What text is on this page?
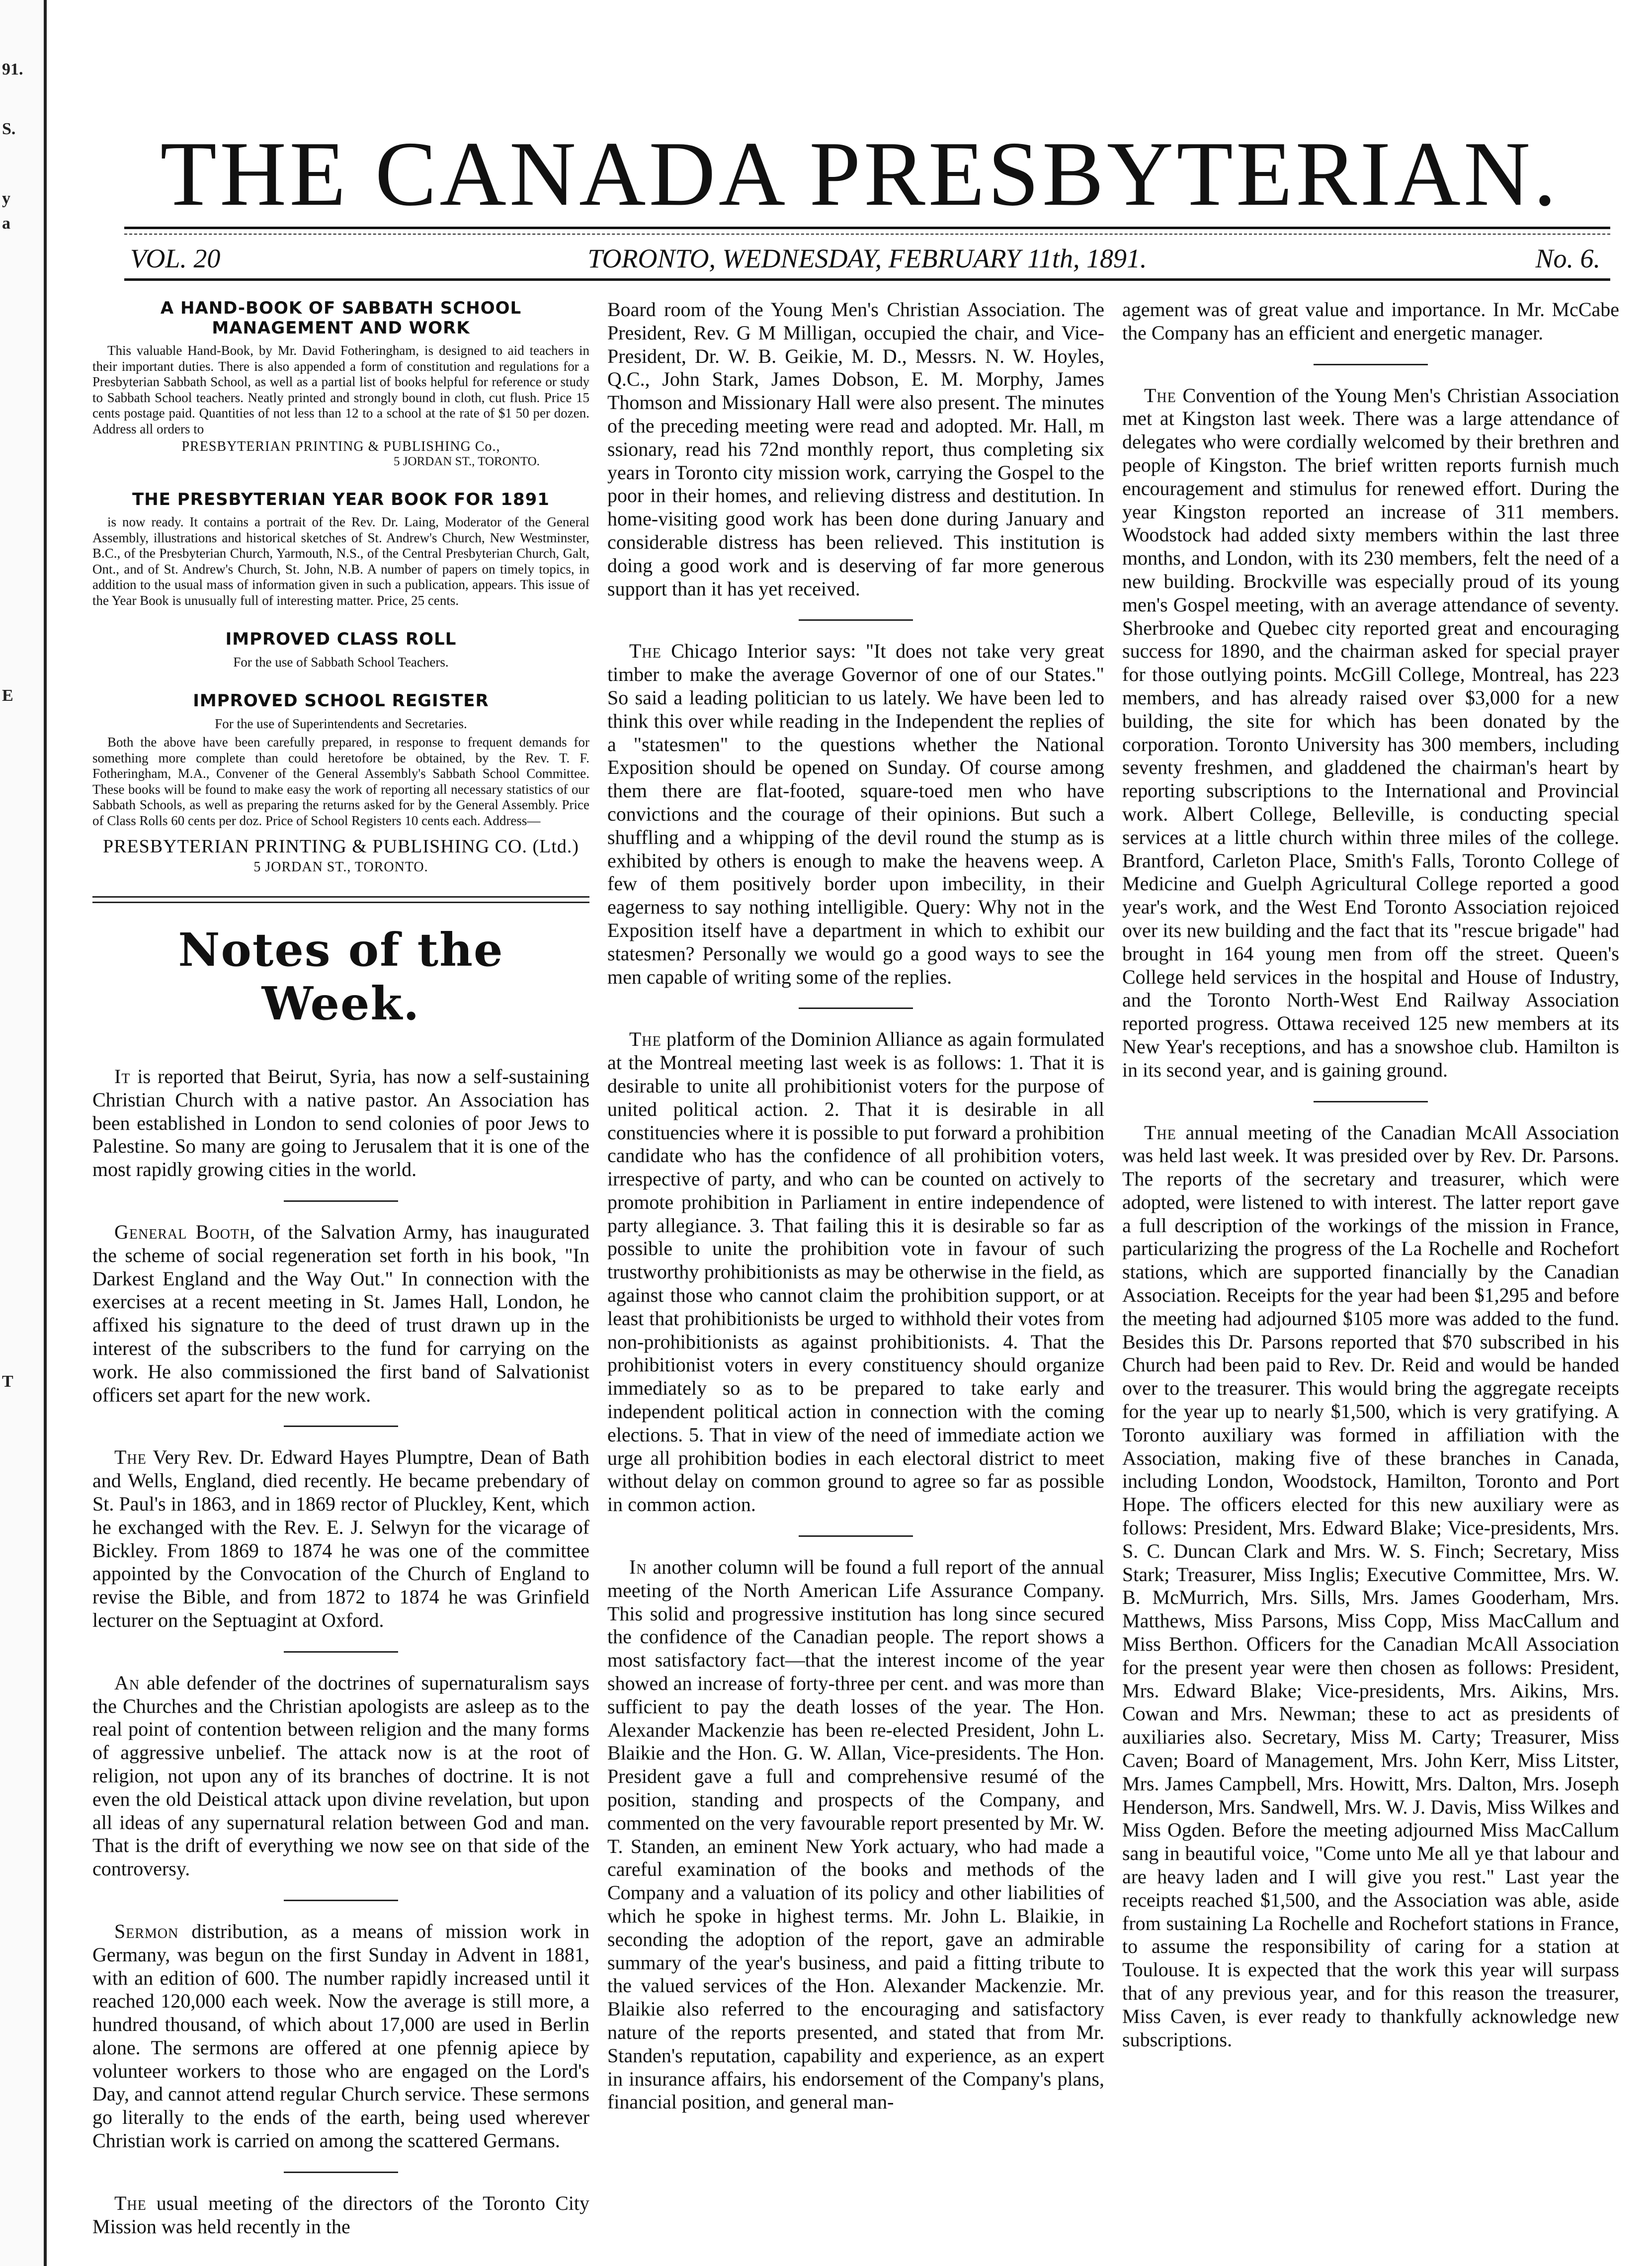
91.
S.
y
a
E
T
THE CANADA PRESBYTERIAN.
TORONTO, WEDNESDAY, FEBRUARY 11th, 1891.
VOL. 20	No. 6.

A HAND-BOOK OF SABBATH SCHOOL MANAGEMENT AND WORK

This valuable Hand-Book, by Mr. David Fotheringham, is designed to aid teachers in their important duties. There is also appended a form of constitution and regulations for a Presbyterian Sabbath School, as well as a partial list of books helpful for reference or study to Sabbath School teachers. Neatly printed and strongly bound in cloth, cut flush. Price 15 cents postage paid. Quantities of not less than 12 to a school at the rate of $1 50 per dozen. Address all orders to

PRESBYTERIAN PRINTING & PUBLISHING Co.,

5 JORDAN ST., TORONTO.

THE PRESBYTERIAN YEAR BOOK FOR 1891

is now ready. It contains a portrait of the Rev. Dr. Laing, Moderator of the General Assembly, illustrations and historical sketches of St. Andrew's Church, New Westminster, B.C., of the Presbyterian Church, Yarmouth, N.S., of the Central Presbyterian Church, Galt, Ont., and of St. Andrew's Church, St. John, N.B. A number of papers on timely topics, in addition to the usual mass of information given in such a publication, appears. This issue of the Year Book is unusually full of interesting matter. Price, 25 cents.

IMPROVED CLASS ROLL

For the use of Sabbath School Teachers.

IMPROVED SCHOOL REGISTER

For the use of Superintendents and Secretaries.

Both the above have been carefully prepared, in response to frequent demands for something more complete than could heretofore be obtained, by the Rev. T. F. Fotheringham, M.A., Convener of the General Assembly's Sabbath School Committee. These books will be found to make easy the work of reporting all necessary statistics of our Sabbath Schools, as well as preparing the returns asked for by the General Assembly. Price of Class Rolls 60 cents per doz. Price of School Registers 10 cents each. Address—

PRESBYTERIAN PRINTING & PUBLISHING CO. (Ltd.)

5 JORDAN ST., TORONTO.

Notes of the Week.

It is reported that Beirut, Syria, has now a self-sustaining Christian Church with a native pastor. An Association has been established in London to send colonies of poor Jews to Palestine. So many are going to Jerusalem that it is one of the most rapidly growing cities in the world.

General Booth, of the Salvation Army, has inaugurated the scheme of social regeneration set forth in his book, "In Darkest England and the Way Out." In connection with the exercises at a recent meeting in St. James Hall, London, he affixed his signature to the deed of trust drawn up in the interest of the subscribers to the fund for carrying on the work. He also commissioned the first band of Salvationist officers set apart for the new work.

The Very Rev. Dr. Edward Hayes Plumptre, Dean of Bath and Wells, England, died recently. He became prebendary of St. Paul's in 1863, and in 1869 rector of Pluckley, Kent, which he exchanged with the Rev. E. J. Selwyn for the vicarage of Bickley. From 1869 to 1874 he was one of the committee appointed by the Convocation of the Church of England to revise the Bible, and from 1872 to 1874 he was Grinfield lecturer on the Septuagint at Oxford.

An able defender of the doctrines of supernaturalism says the Churches and the Christian apologists are asleep as to the real point of contention between religion and the many forms of aggressive unbelief. The attack now is at the root of religion, not upon any of its branches of doctrine. It is not even the old Deistical attack upon divine revelation, but upon all ideas of any supernatural relation between God and man. That is the drift of everything we now see on that side of the controversy.

Sermon distribution, as a means of mission work in Germany, was begun on the first Sunday in Advent in 1881, with an edition of 600. The number rapidly increased until it reached 120,000 each week. Now the average is still more, a hundred thousand, of which about 17,000 are used in Berlin alone. The sermons are offered at one pfennig apiece by volunteer workers to those who are engaged on the Lord's Day, and cannot attend regular Church service. These sermons go literally to the ends of the earth, being used wherever Christian work is carried on among the scattered Germans.

The usual meeting of the directors of the Toronto City Mission was held recently in the

Board room of the Young Men's Christian Association. The President, Rev. G M Milligan, occupied the chair, and Vice-President, Dr. W. B. Geikie, M. D., Messrs. N. W. Hoyles, Q.C., John Stark, James Dobson, E. M. Morphy, James Thomson and Missionary Hall were also present. The minutes of the preceding meeting were read and adopted. Mr. Hall, m ssionary, read his 72nd monthly report, thus completing six years in Toronto city mission work, carrying the Gospel to the poor in their homes, and relieving distress and destitution. In home-visiting good work has been done during January and considerable distress has been relieved. This institution is doing a good work and is deserving of far more generous support than it has yet received.

The Chicago Interior says: "It does not take very great timber to make the average Governor of one of our States." So said a leading politician to us lately. We have been led to think this over while reading in the Independent the replies of a "statesmen" to the questions whether the National Exposition should be opened on Sunday. Of course among them there are flat-footed, square-toed men who have convictions and the courage of their opinions. But such a shuffling and a whipping of the devil round the stump as is exhibited by others is enough to make the heavens weep. A few of them positively border upon imbecility, in their eagerness to say nothing intelligible. Query: Why not in the Exposition itself have a department in which to exhibit our statesmen? Personally we would go a good ways to see the men capable of writing some of the replies.

The platform of the Dominion Alliance as again formulated at the Montreal meeting last week is as follows: 1. That it is desirable to unite all prohibitionist voters for the purpose of united political action. 2. That it is desirable in all constituencies where it is possible to put forward a prohibition candidate who has the confidence of all prohibition voters, irrespective of party, and who can be counted on actively to promote prohibition in Parliament in entire independence of party allegiance. 3. That failing this it is desirable so far as possible to unite the prohibition vote in favour of such trustworthy prohibitionists as may be otherwise in the field, as against those who cannot claim the prohibition support, or at least that prohibitionists be urged to withhold their votes from non-prohibitionists as against prohibitionists. 4. That the prohibitionist voters in every constituency should organize immediately so as to be prepared to take early and independent political action in connection with the coming elections. 5. That in view of the need of immediate action we urge all prohibition bodies in each electoral district to meet without delay on common ground to agree so far as possible in common action.

In another column will be found a full report of the annual meeting of the North American Life Assurance Company. This solid and progressive institution has long since secured the confidence of the Canadian people. The report shows a most satisfactory fact—that the interest income of the year showed an increase of forty-three per cent. and was more than sufficient to pay the death losses of the year. The Hon. Alexander Mackenzie has been re-elected President, John L. Blaikie and the Hon. G. W. Allan, Vice-presidents. The Hon. President gave a full and comprehensive resumé of the position, standing and prospects of the Company, and commented on the very favourable report presented by Mr. W. T. Standen, an eminent New York actuary, who had made a careful examination of the books and methods of the Company and a valuation of its policy and other liabilities of which he spoke in highest terms. Mr. John L. Blaikie, in seconding the adoption of the report, gave an admirable summary of the year's business, and paid a fitting tribute to the valued services of the Hon. Alexander Mackenzie. Mr. Blaikie also referred to the encouraging and satisfactory nature of the reports presented, and stated that from Mr. Standen's reputation, capability and experience, as an expert in insurance affairs, his endorsement of the Company's plans, financial position, and general man-

agement was of great value and importance. In Mr. McCabe the Company has an efficient and energetic manager.

The Convention of the Young Men's Christian Association met at Kingston last week. There was a large attendance of delegates who were cordially welcomed by their brethren and people of Kingston. The brief written reports furnish much encouragement and stimulus for renewed effort. During the year Kingston reported an increase of 311 members. Woodstock had added sixty members within the last three months, and London, with its 230 members, felt the need of a new building. Brockville was especially proud of its young men's Gospel meeting, with an average attendance of seventy. Sherbrooke and Quebec city reported great and encouraging success for 1890, and the chairman asked for special prayer for those outlying points. McGill College, Montreal, has 223 members, and has already raised over $3,000 for a new building, the site for which has been donated by the corporation. Toronto University has 300 members, including seventy freshmen, and gladdened the chairman's heart by reporting subscriptions to the International and Provincial work. Albert College, Belleville, is conducting special services at a little church within three miles of the college. Brantford, Carleton Place, Smith's Falls, Toronto College of Medicine and Guelph Agricultural College reported a good year's work, and the West End Toronto Association rejoiced over its new building and the fact that its "rescue brigade" had brought in 164 young men from off the street. Queen's College held services in the hospital and House of Industry, and the Toronto North-West End Railway Association reported progress. Ottawa received 125 new members at its New Year's receptions, and has a snowshoe club. Hamilton is in its second year, and is gaining ground.

The annual meeting of the Canadian McAll Association was held last week. It was presided over by Rev. Dr. Parsons. The reports of the secretary and treasurer, which were adopted, were listened to with interest. The latter report gave a full description of the workings of the mission in France, particularizing the progress of the La Rochelle and Rochefort stations, which are supported financially by the Canadian Association. Receipts for the year had been $1,295 and before the meeting had adjourned $105 more was added to the fund. Besides this Dr. Parsons reported that $70 subscribed in his Church had been paid to Rev. Dr. Reid and would be handed over to the treasurer. This would bring the aggregate receipts for the year up to nearly $1,500, which is very gratifying. A Toronto auxiliary was formed in affiliation with the Association, making five of these branches in Canada, including London, Woodstock, Hamilton, Toronto and Port Hope. The officers elected for this new auxiliary were as follows: President, Mrs. Edward Blake; Vice-presidents, Mrs. S. C. Duncan Clark and Mrs. W. S. Finch; Secretary, Miss Stark; Treasurer, Miss Inglis; Executive Committee, Mrs. W. B. McMurrich, Mrs. Sills, Mrs. James Gooderham, Mrs. Matthews, Miss Parsons, Miss Copp, Miss MacCallum and Miss Berthon. Officers for the Canadian McAll Association for the present year were then chosen as follows: President, Mrs. Edward Blake; Vice-presidents, Mrs. Aikins, Mrs. Cowan and Mrs. Newman; these to act as presidents of auxiliaries also. Secretary, Miss M. Carty; Treasurer, Miss Caven; Board of Management, Mrs. John Kerr, Miss Litster, Mrs. James Campbell, Mrs. Howitt, Mrs. Dalton, Mrs. Joseph Henderson, Mrs. Sandwell, Mrs. W. J. Davis, Miss Wilkes and Miss Ogden. Before the meeting adjourned Miss MacCallum sang in beautiful voice, "Come unto Me all ye that labour and are heavy laden and I will give you rest." Last year the receipts reached $1,500, and the Association was able, aside from sustaining La Rochelle and Rochefort stations in France, to assume the responsibility of caring for a station at Toulouse. It is expected that the work this year will surpass that of any previous year, and for this reason the treasurer, Miss Caven, is ever ready to thankfully acknowledge new subscriptions.
